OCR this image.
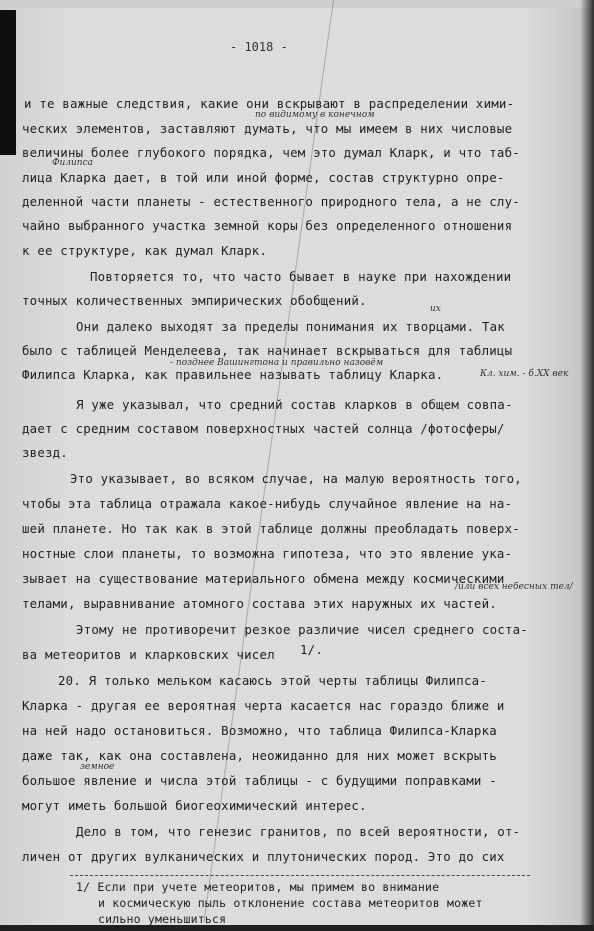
- 1018 -
и те важные следствия, какие они вскрывают в распределении хими-
по видимому в конечном
ческих элементов, заставляют думать, что мы имеем в них числовые
величины более глубокого порядка, чем это думал Кларк, и что таб-
Филипса
лица Кларка дает, в той или иной форме, состав структурно опре-
деленной части планеты - естественного природного тела, а не слу-
чайно выбранного участка земной коры без определенного отношения
к ее структуре, как думал Кларк.
Повторяется то, что часто бывает в науке при нахождении
точных количественных эмпирических обобщений.
их
Они далеко выходят за пределы понимания их творцами. Так
было с таблицей Менделеева, так начинает вскрываться для таблицы
- позднее Вашингтона и правильно назовём
Филипса Кларка, как правильнее называть таблицу Кларка.	Кл. хим. - б.ХХ век
Я уже указывал, что средний состав кларков в общем совпа-
дает с средним составом поверхностных частей солнца /фотосферы/
звезд.
Это указывает, во всяком случае, на малую вероятность того,
чтобы эта таблица отражала какое-нибудь случайное явление на на-
шей планете. Но так как в этой таблице должны преобладать поверх-
ностные слои планеты, то возможна гипотеза, что это явление ука-
зывает на существование материального обмена между космическими
/или всех небесных тел/
телами, выравнивание атомного состава этих наружных их частей.
Этому не противоречит резкое различие чисел среднего соста-
ва метеоритов и кларковских чисел 1/.
20. Я только мельком касаюсь этой черты таблицы Филипса-
Кларка - другая ее вероятная черта касается нас гораздо ближе и
на ней надо остановиться. Возможно, что таблица Филипса-Кларка
даже так, как она составлена, неожиданно для них может вскрыть
земное
большое явление и числа этой таблицы - с будущими поправками -
могут иметь большой биогеохимический интерес.
Дело в том, что генезис гранитов, по всей вероятности, от-
личен от других вулканических и плутонических пород. Это до сих
1/ Если при учете метеоритов, мы примем во внимание
и космическую пыль отклонение состава метеоритов может
сильно уменьшиться
